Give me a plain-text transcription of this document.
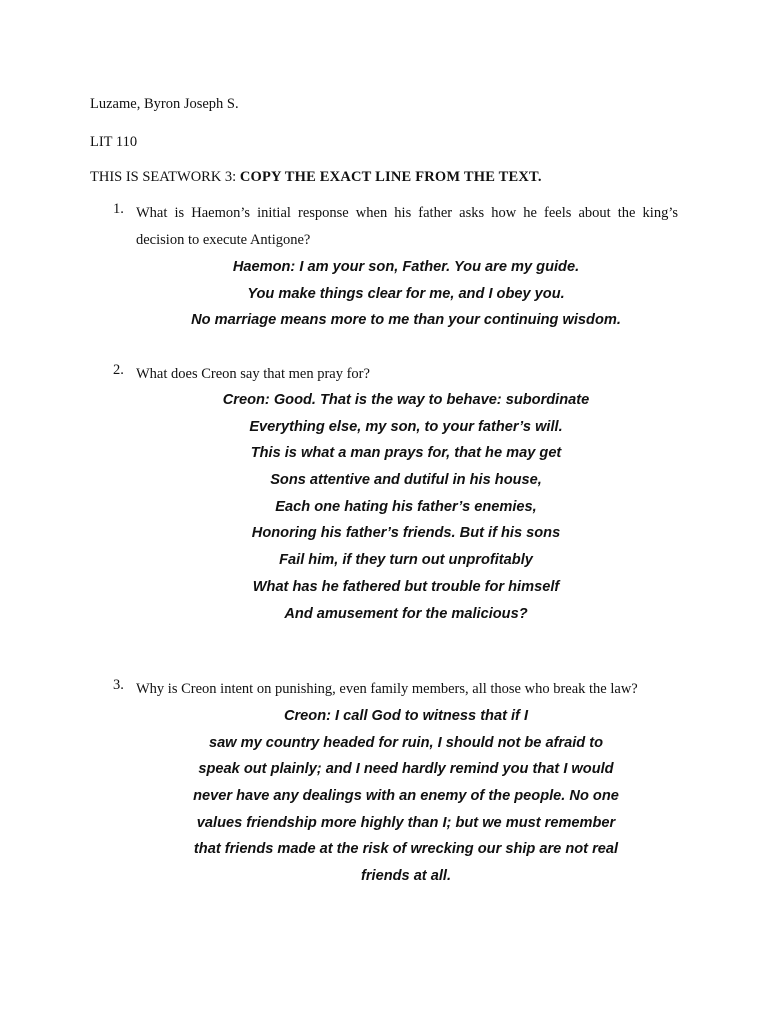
Luzame, Byron Joseph S.
LIT 110
THIS IS SEATWORK 3: COPY THE EXACT LINE FROM THE TEXT.
1. What is Haemon’s initial response when his father asks how he feels about the king’s decision to execute Antigone?
Haemon: I am your son, Father. You are my guide.
You make things clear for me, and I obey you.
No marriage means more to me than your continuing wisdom.
2. What does Creon say that men pray for?
Creon: Good. That is the way to behave: subordinate
Everything else, my son, to your father’s will.
This is what a man prays for, that he may get
Sons attentive and dutiful in his house,
Each one hating his father’s enemies,
Honoring his father’s friends. But if his sons
Fail him, if they turn out unprofitably
What has he fathered but trouble for himself
And amusement for the malicious?
3. Why is Creon intent on punishing, even family members, all those who break the law?
Creon: I call God to witness that if I
saw my country headed for ruin, I should not be afraid to
speak out plainly; and I need hardly remind you that I would
never have any dealings with an enemy of the people. No one
values friendship more highly than I; but we must remember
that friends made at the risk of wrecking our ship are not real
friends at all.
